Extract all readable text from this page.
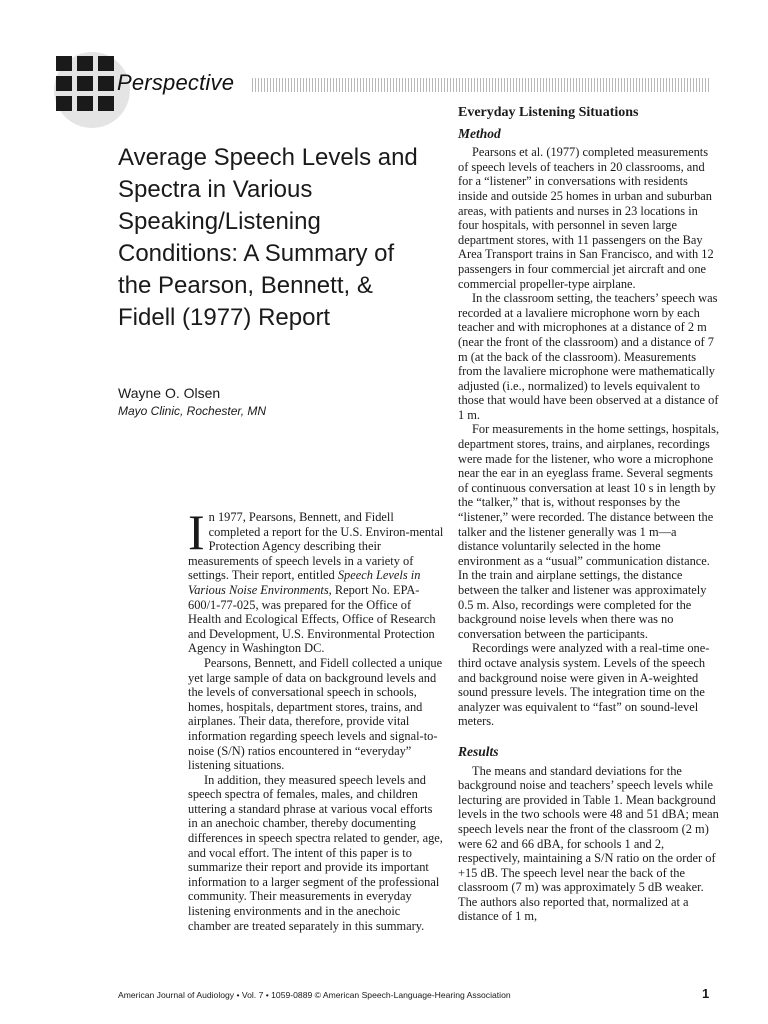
Perspective
Average Speech Levels and Spectra in Various Speaking/Listening Conditions: A Summary of the Pearson, Bennett, & Fidell (1977) Report
Wayne O. Olsen
Mayo Clinic, Rochester, MN

In 1977, Pearsons, Bennett, and Fidell completed a report for the U.S. Environ-mental Protection Agency describing their measurements of speech levels in a variety of settings. Their report, entitled Speech Levels in Various Noise Environments, Report No. EPA-600/1-77-025, was prepared for the Office of Health and Ecological Effects, Office of Research and Development, U.S. Environmental Protection Agency in Washington DC.

Pearsons, Bennett, and Fidell collected a unique yet large sample of data on background levels and the levels of conversational speech in schools, homes, hospitals, department stores, trains, and airplanes. Their data, therefore, provide vital information regarding speech levels and signal-to-noise (S/N) ratios encountered in “everyday” listening situations.

In addition, they measured speech levels and speech spectra of females, males, and children uttering a standard phrase at various vocal efforts in an anechoic chamber, thereby documenting differences in speech spectra related to gender, age, and vocal effort. The intent of this paper is to summarize their report and provide its important information to a larger segment of the professional community. Their measurements in everyday listening environments and in the anechoic chamber are treated separately in this summary.

Everyday Listening Situations
Method

Pearsons et al. (1977) completed measurements of speech levels of teachers in 20 classrooms, and for a “listener” in conversations with residents inside and outside 25 homes in urban and suburban areas, with patients and nurses in 23 locations in four hospitals, with personnel in seven large department stores, with 11 passengers on the Bay Area Transport trains in San Francisco, and with 12 passengers in four commercial jet aircraft and one commercial propeller-type airplane.

In the classroom setting, the teachers’ speech was recorded at a lavaliere microphone worn by each teacher and with microphones at a distance of 2 m (near the front of the classroom) and a distance of 7 m (at the back of the classroom). Measurements from the lavaliere microphone were mathematically adjusted (i.e., normalized) to levels equivalent to those that would have been observed at a distance of 1 m.

For measurements in the home settings, hospitals, department stores, trains, and airplanes, recordings were made for the listener, who wore a microphone near the ear in an eyeglass frame. Several segments of continuous conversation at least 10 s in length by the “talker,” that is, without responses by the “listener,” were recorded. The distance between the talker and the listener generally was 1 m—a distance voluntarily selected in the home environment as a “usual” communication distance. In the train and airplane settings, the distance between the talker and listener was approximately 0.5 m. Also, recordings were completed for the background noise levels when there was no conversation between the participants.

Recordings were analyzed with a real-time one-third octave analysis system. Levels of the speech and background noise were given in A-weighted sound pressure levels. The integration time on the analyzer was equivalent to “fast” on sound-level meters.

Results

The means and standard deviations for the background noise and teachers’ speech levels while lecturing are provided in Table 1. Mean background levels in the two schools were 48 and 51 dBA; mean speech levels near the front of the classroom (2 m) were 62 and 66 dBA, for schools 1 and 2, respectively, maintaining a S/N ratio on the order of +15 dB. The speech level near the back of the classroom (7 m) was approximately 5 dB weaker. The authors also reported that, normalized at a distance of 1 m,

American Journal of Audiology • Vol. 7 • 1059-0889 © American Speech-Language-Hearing Association	1
